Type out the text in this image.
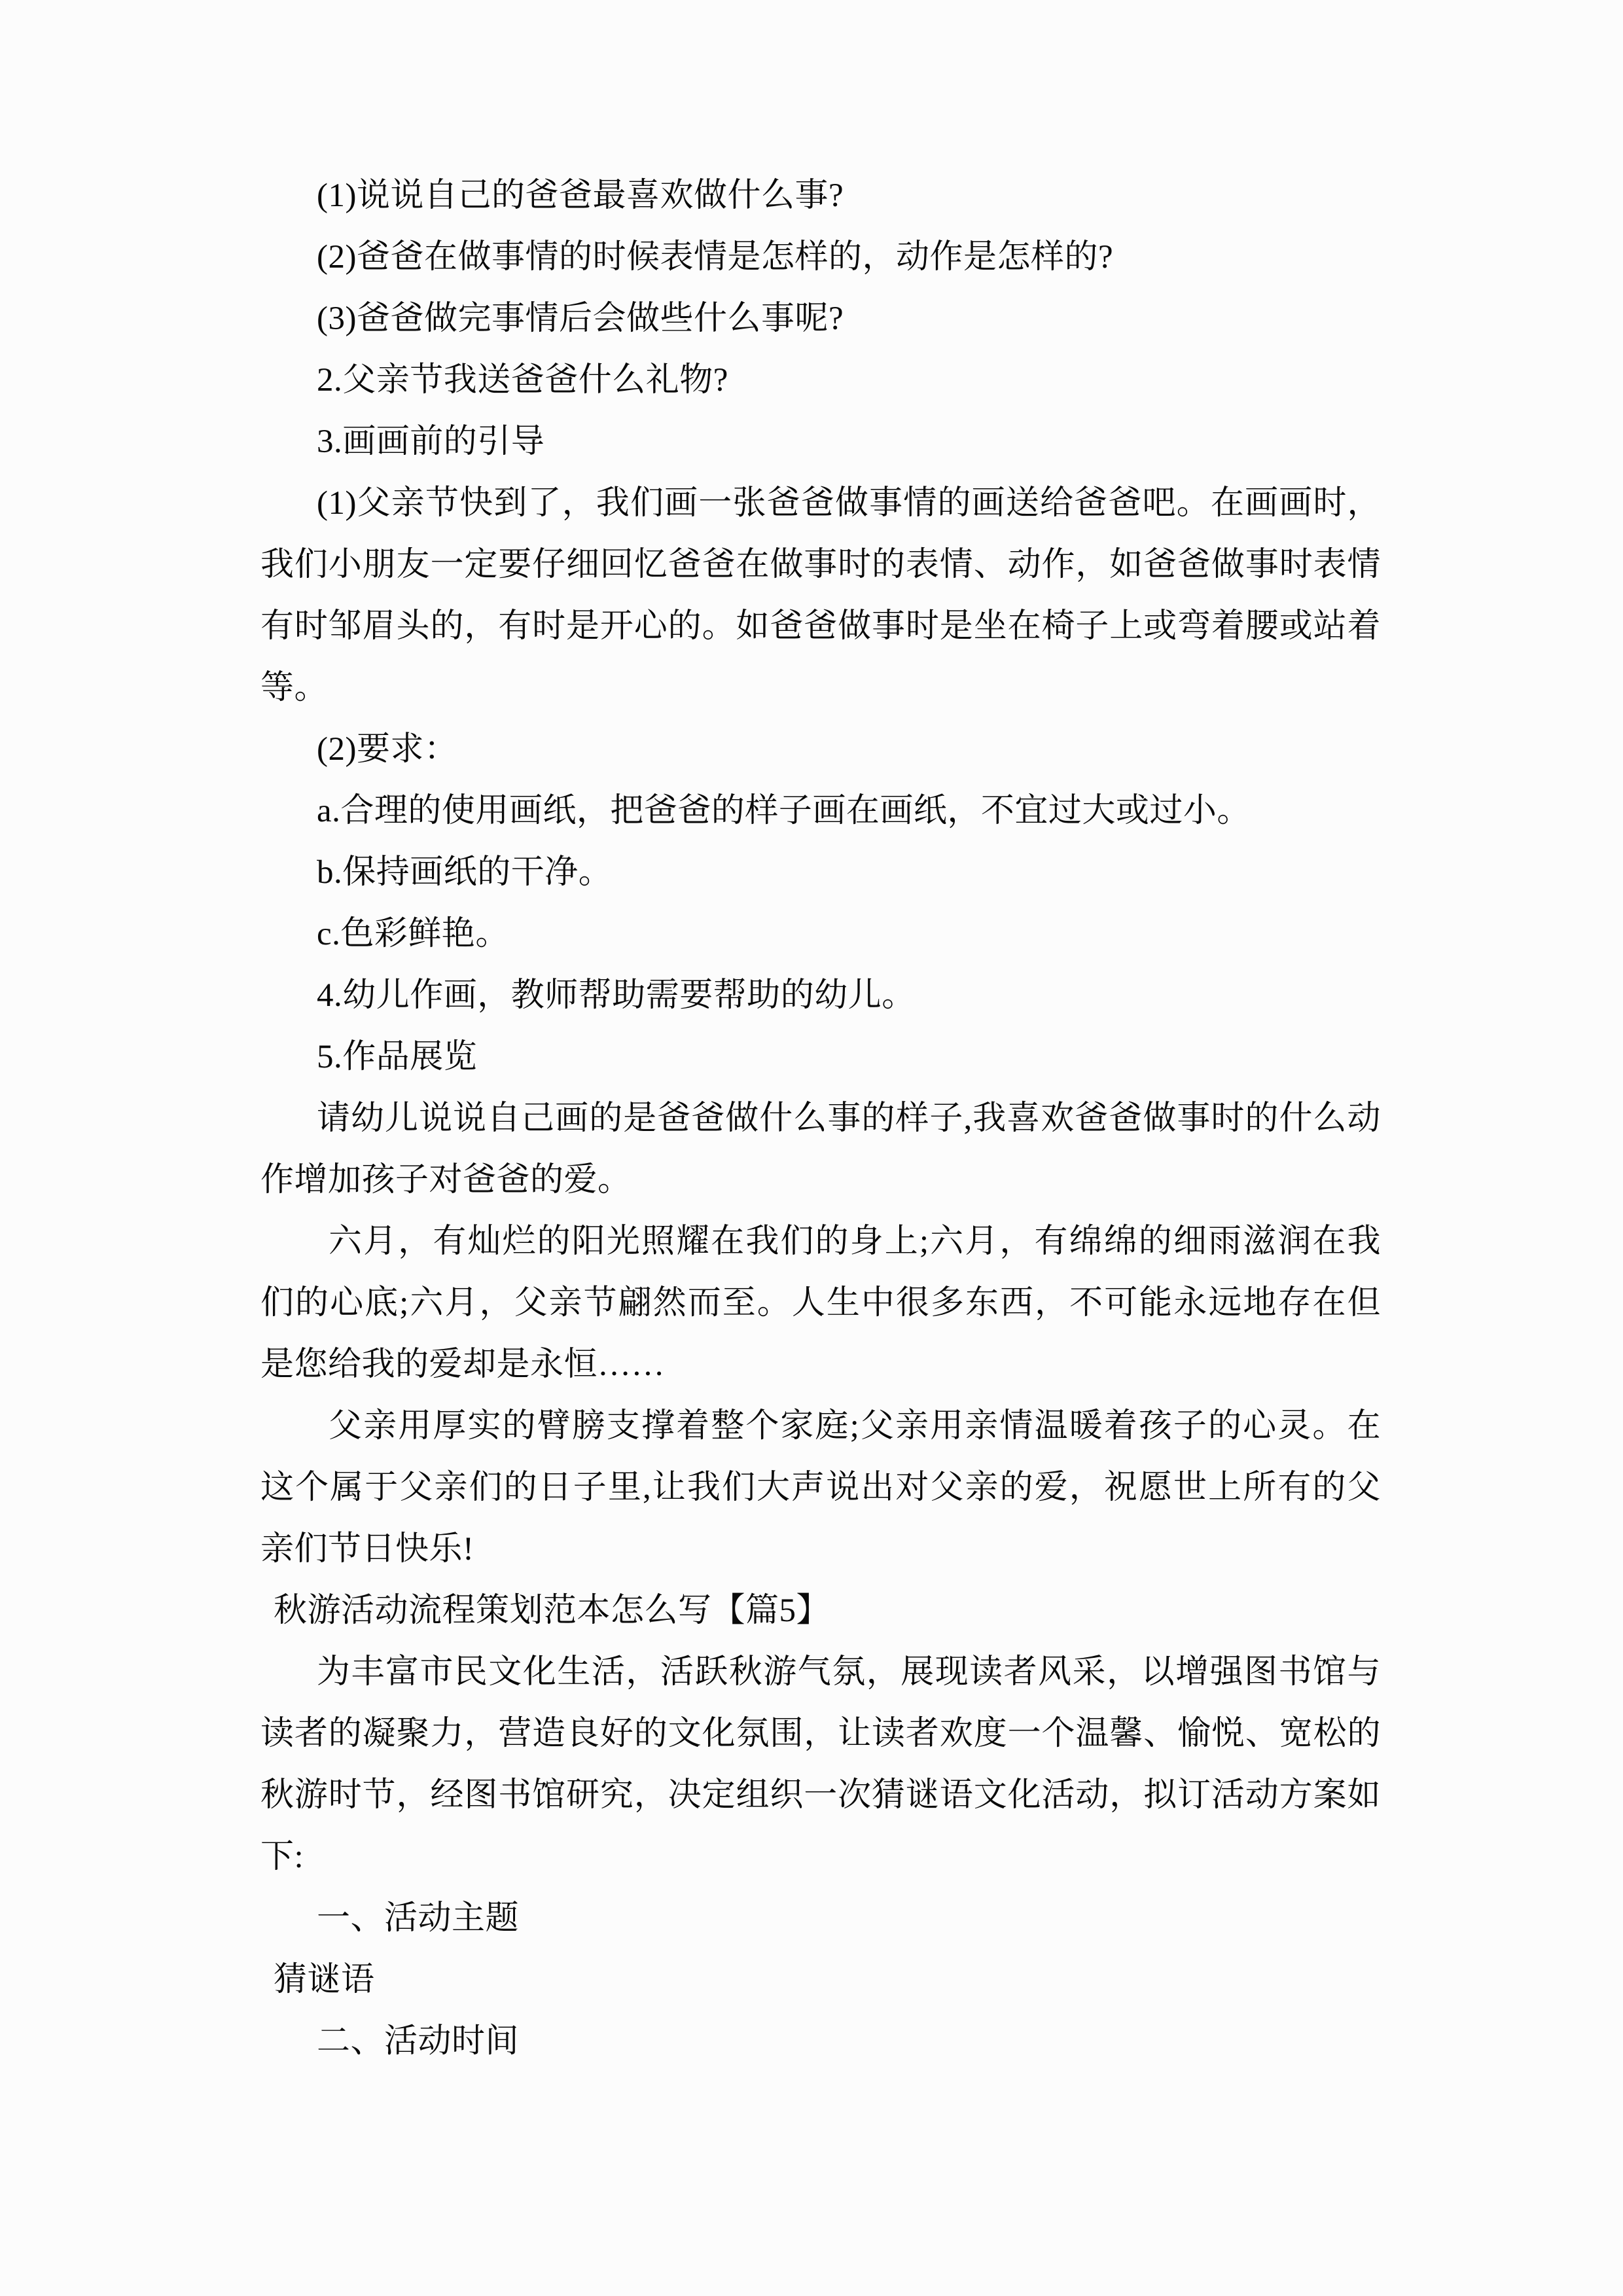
(1)说说自己的爸爸最喜欢做什么事?

(2)爸爸在做事情的时候表情是怎样的，动作是怎样的?

(3)爸爸做完事情后会做些什么事呢?

2.父亲节我送爸爸什么礼物?

3.画画前的引导

(1)父亲节快到了，我们画一张爸爸做事情的画送给爸爸吧。在画画时，我们小朋友一定要仔细回忆爸爸在做事时的表情、动作，如爸爸做事时表情有时邹眉头的，有时是开心的。如爸爸做事时是坐在椅子上或弯着腰或站着等。

(2)要求：

a.合理的使用画纸，把爸爸的样子画在画纸，不宜过大或过小。

b.保持画纸的干净。

c.色彩鲜艳。

4.幼儿作画，教师帮助需要帮助的幼儿。

5.作品展览

请幼儿说说自己画的是爸爸做什么事的样子,我喜欢爸爸做事时的什么动作增加孩子对爸爸的爱。

六月，有灿烂的阳光照耀在我们的身上;六月，有绵绵的细雨滋润在我们的心底;六月，父亲节翩然而至。人生中很多东西，不可能永远地存在但是您给我的爱却是永恒……

父亲用厚实的臂膀支撑着整个家庭;父亲用亲情温暖着孩子的心灵。在这个属于父亲们的日子里,让我们大声说出对父亲的爱，祝愿世上所有的父亲们节日快乐!

秋游活动流程策划范本怎么写【篇5】

为丰富市民文化生活，活跃秋游气氛，展现读者风采，以增强图书馆与读者的凝聚力，营造良好的文化氛围，让读者欢度一个温馨、愉悦、宽松的秋游时节，经图书馆研究，决定组织一次猜谜语文化活动，拟订活动方案如下:

一、活动主题

猜谜语

二、活动时间
